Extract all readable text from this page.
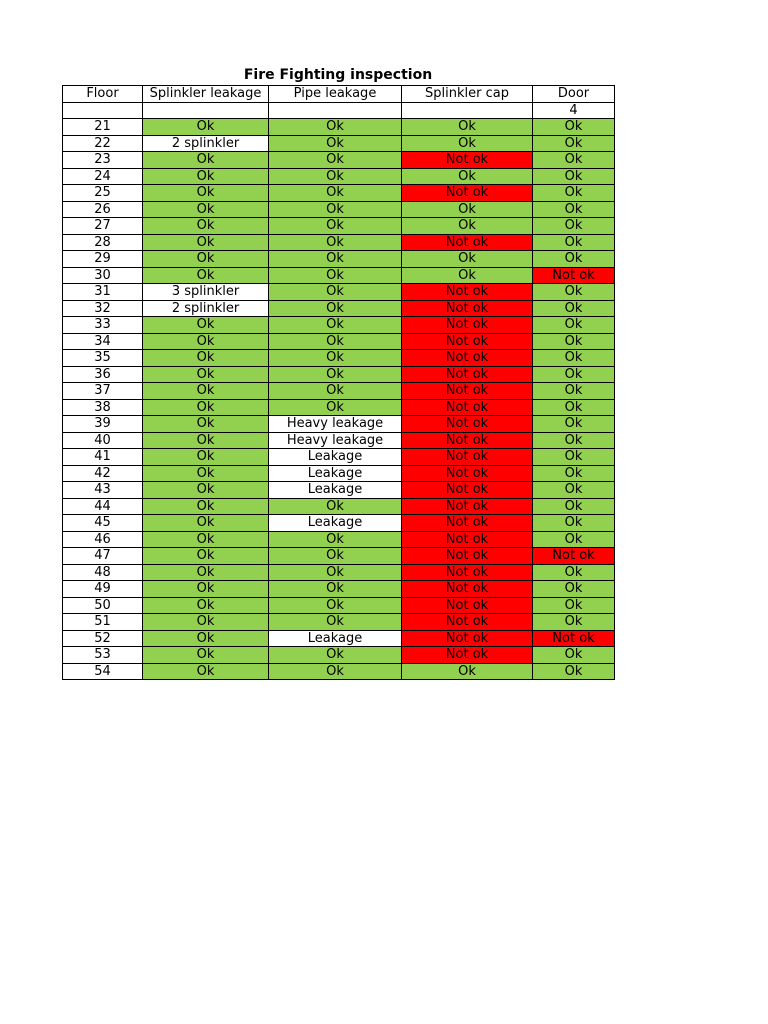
Fire Fighting inspection
Floor	Splinkler leakage	Pipe leakage	Splinkler cap	Door
				4
21	Ok	Ok	Ok	Ok
22	2 splinkler	Ok	Ok	Ok
23	Ok	Ok	Not ok	Ok
24	Ok	Ok	Ok	Ok
25	Ok	Ok	Not ok	Ok
26	Ok	Ok	Ok	Ok
27	Ok	Ok	Ok	Ok
28	Ok	Ok	Not ok	Ok
29	Ok	Ok	Ok	Ok
30	Ok	Ok	Ok	Not ok
31	3 splinkler	Ok	Not ok	Ok
32	2 splinkler	Ok	Not ok	Ok
33	Ok	Ok	Not ok	Ok
34	Ok	Ok	Not ok	Ok
35	Ok	Ok	Not ok	Ok
36	Ok	Ok	Not ok	Ok
37	Ok	Ok	Not ok	Ok
38	Ok	Ok	Not ok	Ok
39	Ok	Heavy leakage	Not ok	Ok
40	Ok	Heavy leakage	Not ok	Ok
41	Ok	Leakage	Not ok	Ok
42	Ok	Leakage	Not ok	Ok
43	Ok	Leakage	Not ok	Ok
44	Ok	Ok	Not ok	Ok
45	Ok	Leakage	Not ok	Ok
46	Ok	Ok	Not ok	Ok
47	Ok	Ok	Not ok	Not ok
48	Ok	Ok	Not ok	Ok
49	Ok	Ok	Not ok	Ok
50	Ok	Ok	Not ok	Ok
51	Ok	Ok	Not ok	Ok
52	Ok	Leakage	Not ok	Not ok
53	Ok	Ok	Not ok	Ok
54	Ok	Ok	Ok	Ok
